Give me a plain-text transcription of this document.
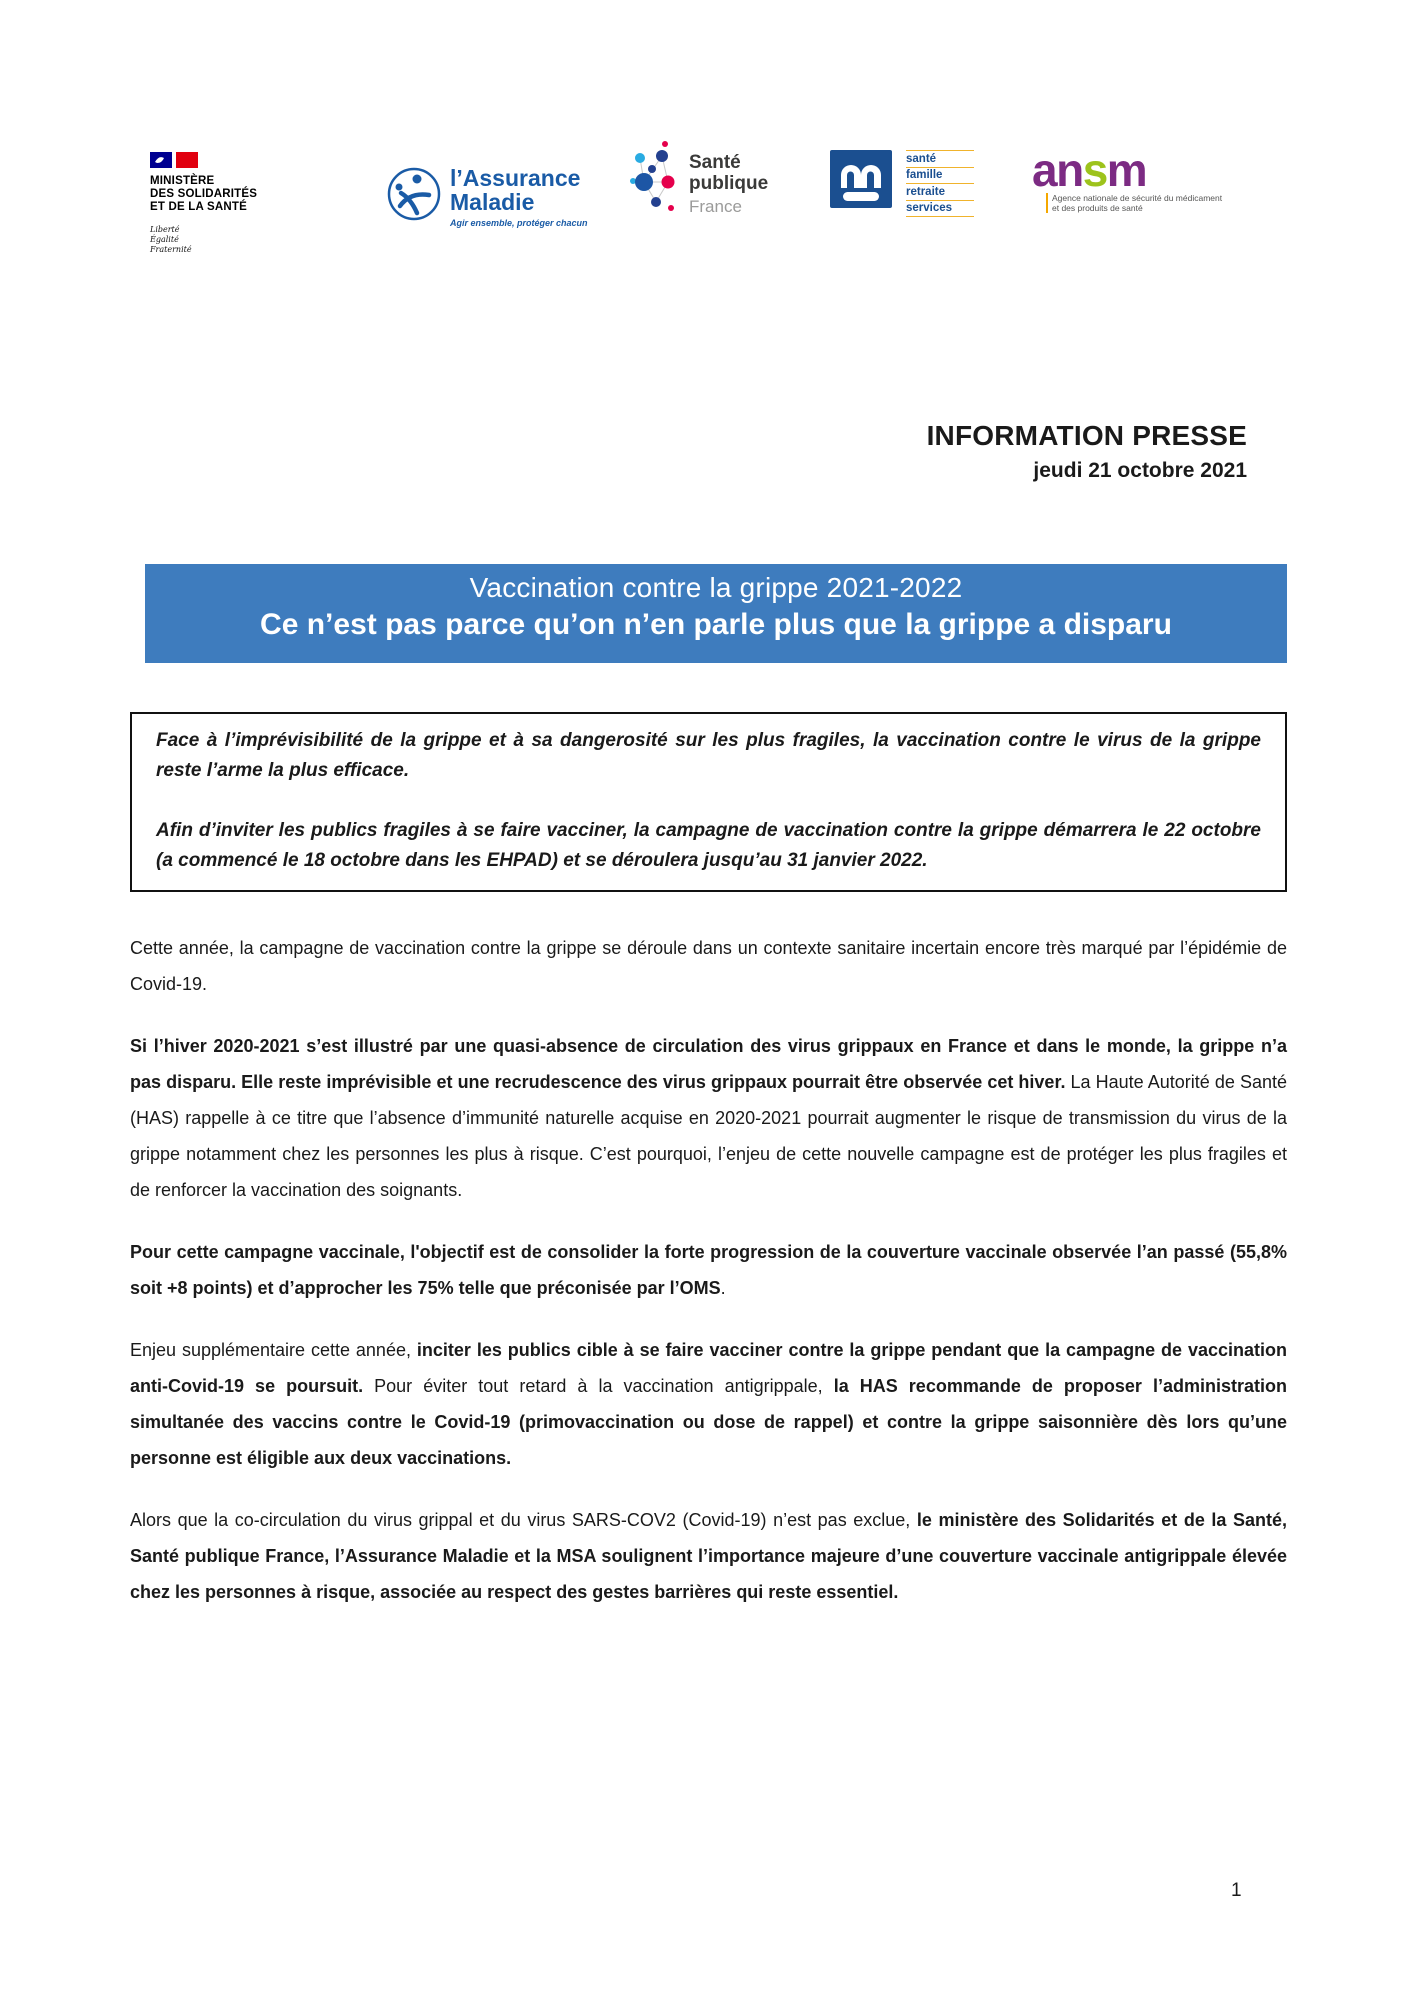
MINISTÈRE
DES SOLIDARITÉS
ET DE LA SANTÉ
Liberté
Égalité
Fraternité
l’Assurance
Maladie
Agir ensemble, protéger chacun
Santé
publique
France
santé
famille
retraite
services
ansm
Agence nationale de sécurité du médicament
et des produits de santé
INFORMATION PRESSE
jeudi 21 octobre 2021
Vaccination contre la grippe 2021-2022
Ce n’est pas parce qu’on n’en parle plus que la grippe a disparu

Face à l’imprévisibilité de la grippe et à sa dangerosité sur les plus fragiles, la vaccination contre le virus de la grippe reste l’arme la plus efficace.

Afin d’inviter les publics fragiles à se faire vacciner, la campagne de vaccination contre la grippe démarrera le 22 octobre (a commencé le 18 octobre dans les EHPAD) et se déroulera jusqu’au 31 janvier 2022.

Cette année, la campagne de vaccination contre la grippe se déroule dans un contexte sanitaire incertain encore très marqué par l’épidémie de Covid-19.

Si l’hiver 2020-2021 s’est illustré par une quasi-absence de circulation des virus grippaux en France et dans le monde, la grippe n’a pas disparu. Elle reste imprévisible et une recrudescence des virus grippaux pourrait être observée cet hiver. La Haute Autorité de Santé (HAS) rappelle à ce titre que l’absence d’immunité naturelle acquise en 2020-2021 pourrait augmenter le risque de transmission du virus de la grippe notamment chez les personnes les plus à risque. C’est pourquoi, l’enjeu de cette nouvelle campagne est de protéger les plus fragiles et de renforcer la vaccination des soignants.

Pour cette campagne vaccinale, l'objectif est de consolider la forte progression de la couverture vaccinale observée l’an passé (55,8% soit +8 points) et d’approcher les 75% telle que préconisée par l’OMS.

Enjeu supplémentaire cette année, inciter les publics cible à se faire vacciner contre la grippe pendant que la campagne de vaccination anti-Covid-19 se poursuit. Pour éviter tout retard à la vaccination antigrippale, la HAS recommande de proposer l’administration simultanée des vaccins contre le Covid-19 (primovaccination ou dose de rappel) et contre la grippe saisonnière dès lors qu’une personne est éligible aux deux vaccinations.

Alors que la co-circulation du virus grippal et du virus SARS-COV2 (Covid-19) n’est pas exclue, le ministère des Solidarités et de la Santé, Santé publique France, l’Assurance Maladie et la MSA soulignent l’importance majeure d’une couverture vaccinale antigrippale élevée chez les personnes à risque, associée au respect des gestes barrières qui reste essentiel.

1
